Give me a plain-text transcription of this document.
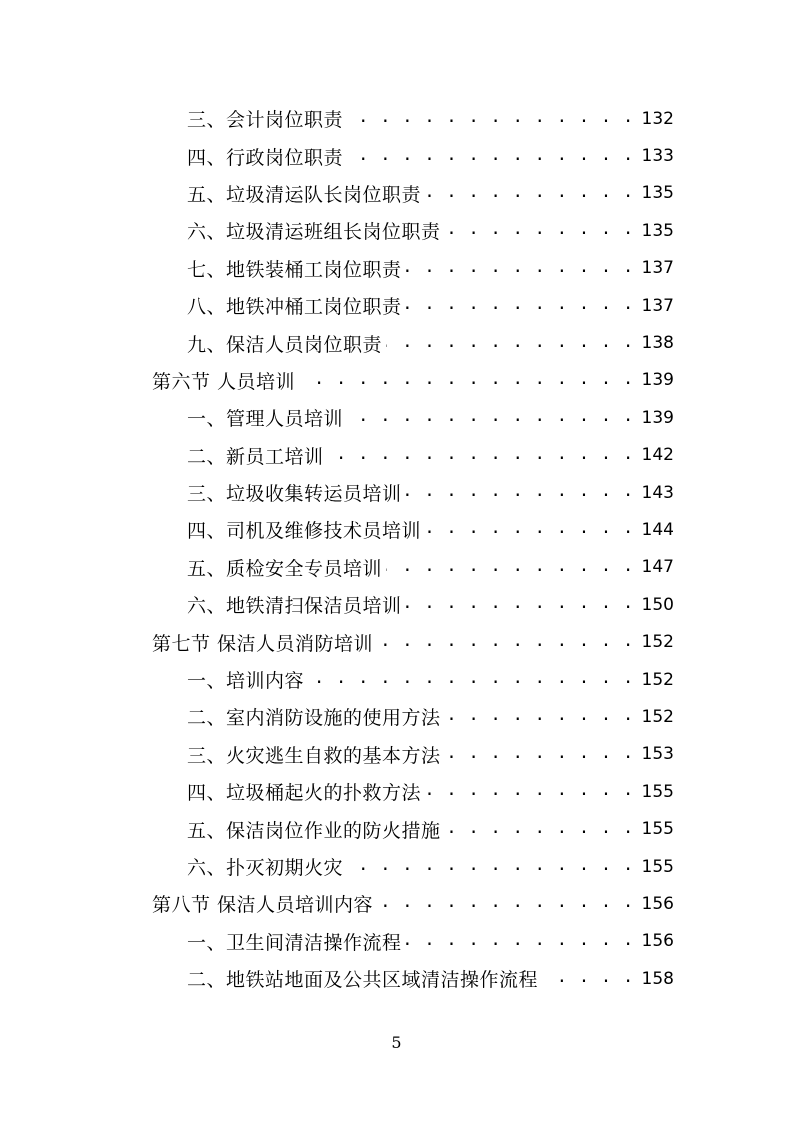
三、会计岗位职责 . . .	132
四、行政岗位职责 . . .	133
五、垃圾清运队长岗位职责 . . .	135
六、垃圾清运班组长岗位职责 . . .	135
七、地铁装桶工岗位职责 . . .	137
八、地铁冲桶工岗位职责 . . .	137
九、保洁人员岗位职责 . . .	138
第六节 人员培训 . . .	139
一、管理人员培训 . . .	139
二、新员工培训 . . .	142
三、垃圾收集转运员培训 . . .	143
四、司机及维修技术员培训 . . .	144
五、质检安全专员培训 . . .	147
六、地铁清扫保洁员培训 . . .	150
第七节 保洁人员消防培训 . . .	152
一、培训内容 . . .	152
二、室内消防设施的使用方法 . . .	152
三、火灾逃生自救的基本方法 . . .	153
四、垃圾桶起火的扑救方法 . . .	155
五、保洁岗位作业的防火措施 . . .	155
六、扑灭初期火灾 . . .	155
第八节 保洁人员培训内容 . . .	156
一、卫生间清洁操作流程 . . .	156
二、地铁站地面及公共区域清洁操作流程 . . .	158
5
